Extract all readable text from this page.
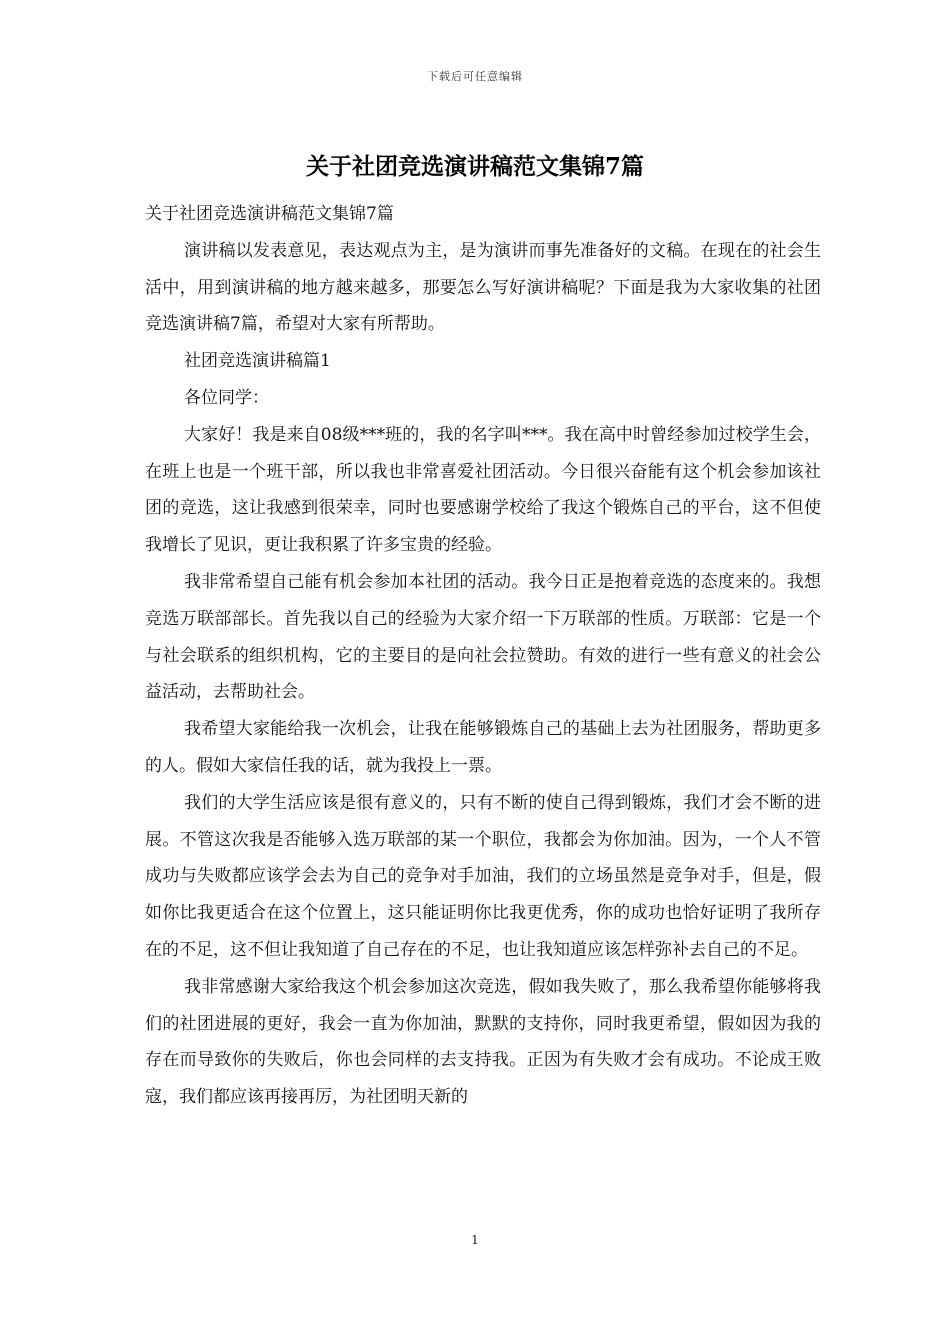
下载后可任意编辑
关于社团竞选演讲稿范文集锦7篇

关于社团竞选演讲稿范文集锦7篇

演讲稿以发表意见，表达观点为主，是为演讲而事先准备好的文稿。在现在的社会生活中，用到演讲稿的地方越来越多，那要怎么写好演讲稿呢？下面是我为大家收集的社团竞选演讲稿7篇，希望对大家有所帮助。

社团竞选演讲稿篇1

各位同学：

大家好！我是来自08级***班的，我的名字叫***。我在高中时曾经参加过校学生会，在班上也是一个班干部，所以我也非常喜爱社团活动。今日很兴奋能有这个机会参加该社团的竞选，这让我感到很荣幸，同时也要感谢学校给了我这个锻炼自己的平台，这不但使我增长了见识，更让我积累了许多宝贵的经验。

我非常希望自己能有机会参加本社团的活动。我今日正是抱着竞选的态度来的。我想竞选万联部部长。首先我以自己的经验为大家介绍一下万联部的性质。万联部：它是一个与社会联系的组织机构，它的主要目的是向社会拉赞助。有效的进行一些有意义的社会公益活动，去帮助社会。

我希望大家能给我一次机会，让我在能够锻炼自己的基础上去为社团服务，帮助更多的人。假如大家信任我的话，就为我投上一票。

我们的大学生活应该是很有意义的，只有不断的使自己得到锻炼，我们才会不断的进展。不管这次我是否能够入选万联部的某一个职位，我都会为你加油。因为，一个人不管成功与失败都应该学会去为自己的竞争对手加油，我们的立场虽然是竞争对手，但是，假如你比我更适合在这个位置上，这只能证明你比我更优秀，你的成功也恰好证明了我所存在的不足，这不但让我知道了自己存在的不足，也让我知道应该怎样弥补去自己的不足。

我非常感谢大家给我这个机会参加这次竞选，假如我失败了，那么我希望你能够将我们的社团进展的更好，我会一直为你加油，默默的支持你，同时我更希望，假如因为我的存在而导致你的失败后，你也会同样的去支持我。正因为有失败才会有成功。不论成王败寇，我们都应该再接再厉，为社团明天新的

1
